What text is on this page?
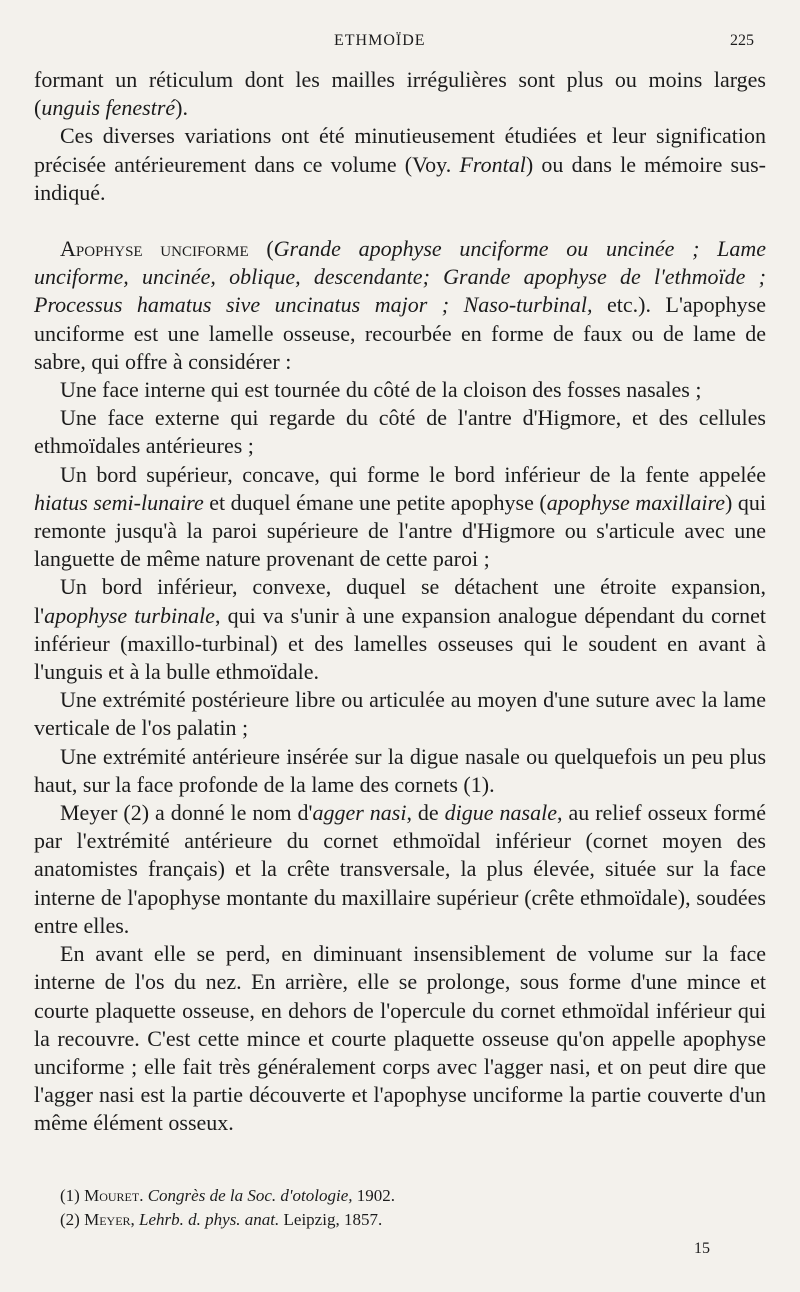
ETHMOÏDE	225

formant un réticulum dont les mailles irrégulières sont plus ou moins larges (unguis fenestré).

Ces diverses variations ont été minutieusement étudiées et leur signification précisée antérieurement dans ce volume (Voy. Frontal) ou dans le mémoire sus-indiqué.

Apophyse unciforme (Grande apophyse unciforme ou uncinée ; Lame unciforme, uncinée, oblique, descendante; Grande apophyse de l'ethmoïde ; Processus hamatus sive uncinatus major ; Naso-turbinal, etc.). L'apophyse unciforme est une lamelle osseuse, recourbée en forme de faux ou de lame de sabre, qui offre à considérer :

Une face interne qui est tournée du côté de la cloison des fosses nasales ;

Une face externe qui regarde du côté de l'antre d'Higmore, et des cellules ethmoïdales antérieures ;

Un bord supérieur, concave, qui forme le bord inférieur de la fente appelée hiatus semi-lunaire et duquel émane une petite apophyse (apophyse maxillaire) qui remonte jusqu'à la paroi supérieure de l'antre d'Higmore ou s'articule avec une languette de même nature provenant de cette paroi ;

Un bord inférieur, convexe, duquel se détachent une étroite expansion, l'apophyse turbinale, qui va s'unir à une expansion analogue dépendant du cornet inférieur (maxillo-turbinal) et des lamelles osseuses qui le soudent en avant à l'unguis et à la bulle ethmoïdale.

Une extrémité postérieure libre ou articulée au moyen d'une suture avec la lame verticale de l'os palatin ;

Une extrémité antérieure insérée sur la digue nasale ou quelquefois un peu plus haut, sur la face profonde de la lame des cornets (1).

Meyer (2) a donné le nom d'agger nasi, de digue nasale, au relief osseux formé par l'extrémité antérieure du cornet ethmoïdal inférieur (cornet moyen des anatomistes français) et la crête transversale, la plus élevée, située sur la face interne de l'apophyse montante du maxillaire supérieur (crête ethmoïdale), soudées entre elles.

En avant elle se perd, en diminuant insensiblement de volume sur la face interne de l'os du nez. En arrière, elle se prolonge, sous forme d'une mince et courte plaquette osseuse, en dehors de l'opercule du cornet ethmoïdal inférieur qui la recouvre. C'est cette mince et courte plaquette osseuse qu'on appelle apophyse unciforme ; elle fait très généralement corps avec l'agger nasi, et on peut dire que l'agger nasi est la partie découverte et l'apophyse unciforme la partie couverte d'un même élément osseux.

(1) Mouret. Congrès de la Soc. d'otologie, 1902.

(2) Meyer, Lehrb. d. phys. anat. Leipzig, 1857.

15
